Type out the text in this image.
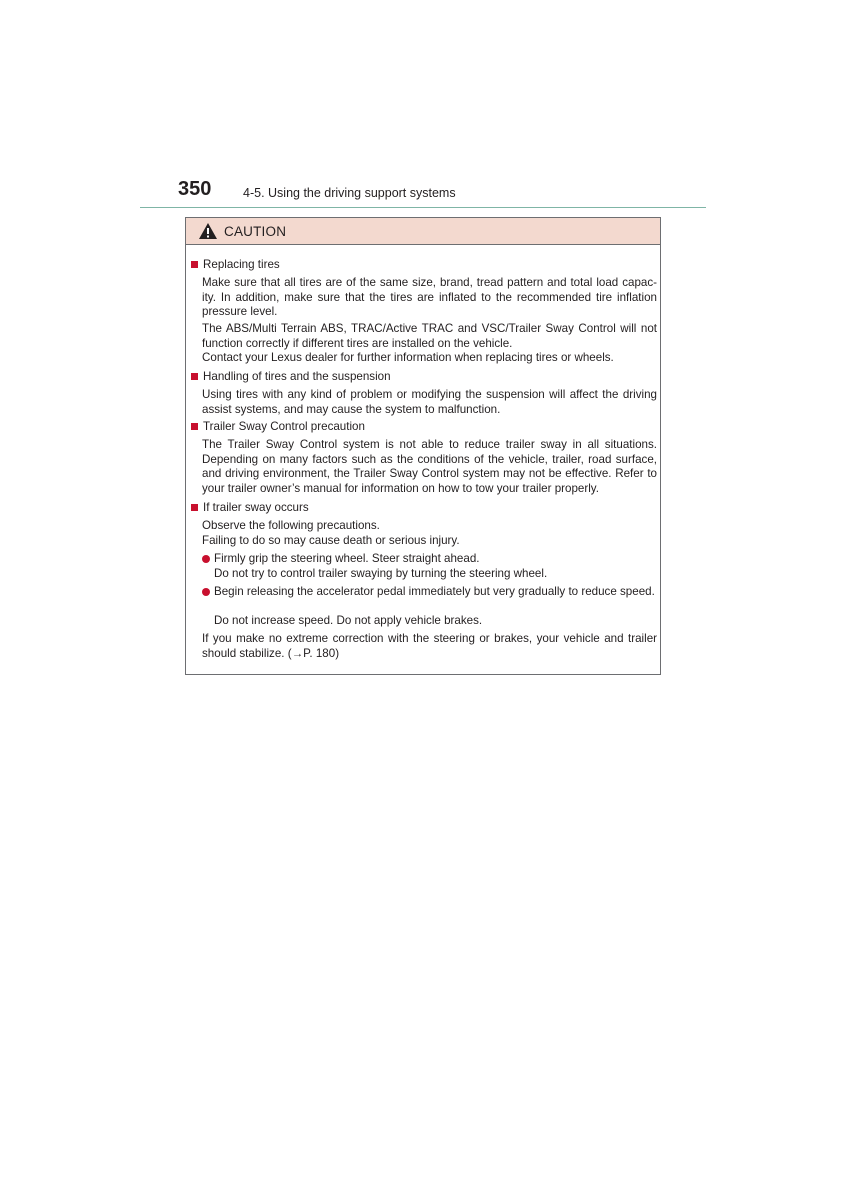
350	4-5. Using the driving support systems
CAUTION
Replacing tires
Make sure that all tires are of the same size, brand, tread pattern and total load capac-ity. In addition, make sure that the tires are inflated to the recommended tire inflation pressure level.
The ABS/Multi Terrain ABS, TRAC/Active TRAC and VSC/Trailer Sway Control will not function correctly if different tires are installed on the vehicle.
Contact your Lexus dealer for further information when replacing tires or wheels.
Handling of tires and the suspension
Using tires with any kind of problem or modifying the suspension will affect the driving assist systems, and may cause the system to malfunction.
Trailer Sway Control precaution
The Trailer Sway Control system is not able to reduce trailer sway in all situations. Depending on many factors such as the conditions of the vehicle, trailer, road surface, and driving environment, the Trailer Sway Control system may not be effective. Refer to your trailer owner’s manual for information on how to tow your trailer properly.
If trailer sway occurs
Observe the following precautions.
Failing to do so may cause death or serious injury.
Firmly grip the steering wheel. Steer straight ahead.
Do not try to control trailer swaying by turning the steering wheel.
Begin releasing the accelerator pedal immediately but very gradually to reduce speed.
Do not increase speed. Do not apply vehicle brakes.
If you make no extreme correction with the steering or brakes, your vehicle and trailer should stabilize. (→P. 180)
